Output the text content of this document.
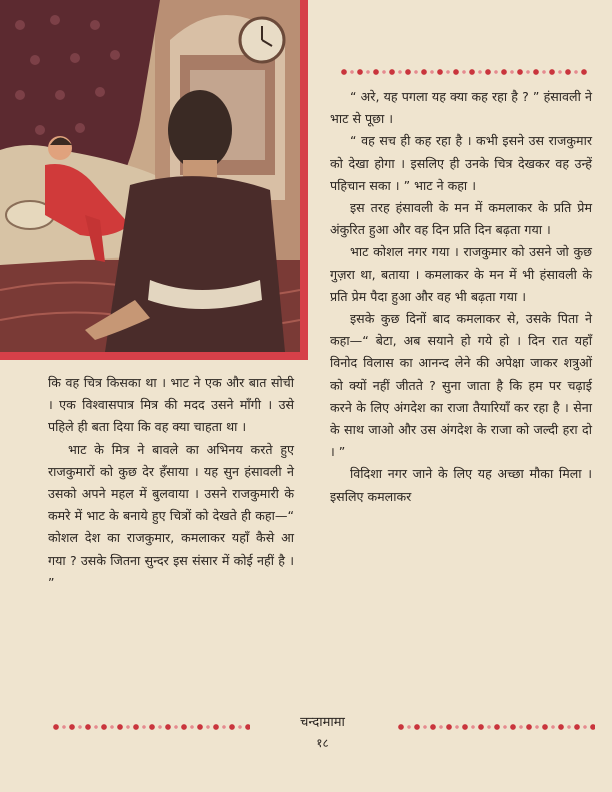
“ अरे, यह पगला यह क्या कह रहा है ? ” हंसावली ने भाट से पूछा ।

“ वह सच ही कह रहा है । कभी इसने उस राजकुमार को देखा होगा । इसलिए ही उनके चित्र देखकर वह उन्हें पहिचान सका । ” भाट ने कहा ।

इस तरह हंसावली के मन में कमलाकर के प्रति प्रेम अंकुरित हुआ और वह दिन प्रति दिन बढ़ता गया ।

भाट कोशल नगर गया । राजकुमार को उसने जो कुछ गुज़रा था, बताया । कमलाकर के मन में भी हंसावली के प्रति प्रेम पैदा हुआ और वह भी बढ़ता गया ।

इसके कुछ दिनों बाद कमलाकर से, उसके पिता ने कहा—“ बेटा, अब सयाने हो गये हो । दिन रात यहाँ विनोद विलास का आनन्द लेने की अपेक्षा जाकर शत्रुओं को क्यों नहीं जीतते ? सुना जाता है कि हम पर चढ़ाई करने के लिए अंगदेश का राजा तैयारियाँ कर रहा है । सेना के साथ जाओ और उस अंगदेश के राजा को जल्दी हरा दो । ”

विदिशा नगर जाने के लिए यह अच्छा मौका मिला । इसलिए कमलाकर

कि वह चित्र किसका था । भाट ने एक और बात सोची । एक विश्वासपात्र मित्र की मदद उसने माँगी । उसे पहिले ही बता दिया कि वह क्या चाहता था ।

भाट के मित्र ने बावले का अभिनय करते हुए राजकुमारों को कुछ देर हँसाया । यह सुन हंसावली ने उसको अपने महल में बुलवाया । उसने राजकुमारी के कमरे में भाट के बनाये हुए चित्रों को देखते ही कहा—“ कोशल देश का राजकुमार, कमलाकर यहाँ कैसे आ गया ? उसके जितना सुन्दर इस संसार में कोई नहीं है । ”

चन्दामामा
१८
